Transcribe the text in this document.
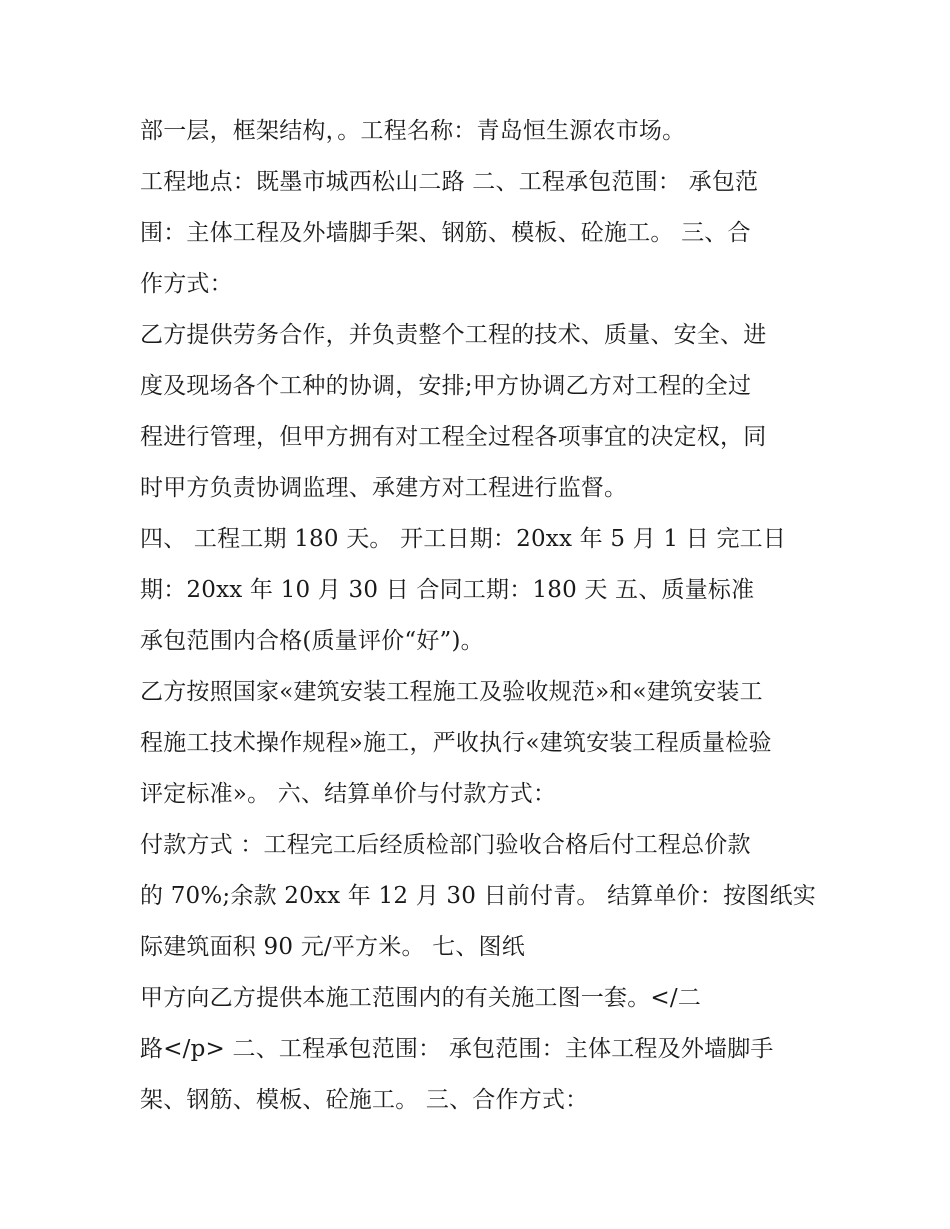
部一层，框架结构，。工程名称：青岛恒生源农市场。
工程地点：既墨市城西松山二路 二、工程承包范围： 承包范
围：主体工程及外墙脚手架、钢筋、模板、砼施工。 三、合
作方式：
乙方提供劳务合作，并负责整个工程的技术、质量、安全、进
度及现场各个工种的协调，安排;甲方协调乙方对工程的全过
程进行管理，但甲方拥有对工程全过程各项事宜的决定权，同
时甲方负责协调监理、承建方对工程进行监督。
四、 工程工期 180 天。 开工日期：20xx 年 5 月 1 日 完工日
期：20xx 年 10 月 30 日 合同工期：180 天 五、质量标准
承包范围内合格(质量评价“好”)。
乙方按照国家«建筑安装工程施工及验收规范»和«建筑安装工
程施工技术操作规程»施工，严收执行«建筑安装工程质量检验
评定标准»。 六、结算单价与付款方式：
付款方式 ：工程完工后经质检部门验收合格后付工程总价款
的 70%;余款 20xx 年 12 月 30 日前付青。 结算单价：按图纸实
际建筑面积 90 元/平方米。 七、图纸
甲方向乙方提供本施工范围内的有关施工图一套。</二
路</p> 二、工程承包范围： 承包范围：主体工程及外墙脚手
架、钢筋、模板、砼施工。 三、合作方式：
